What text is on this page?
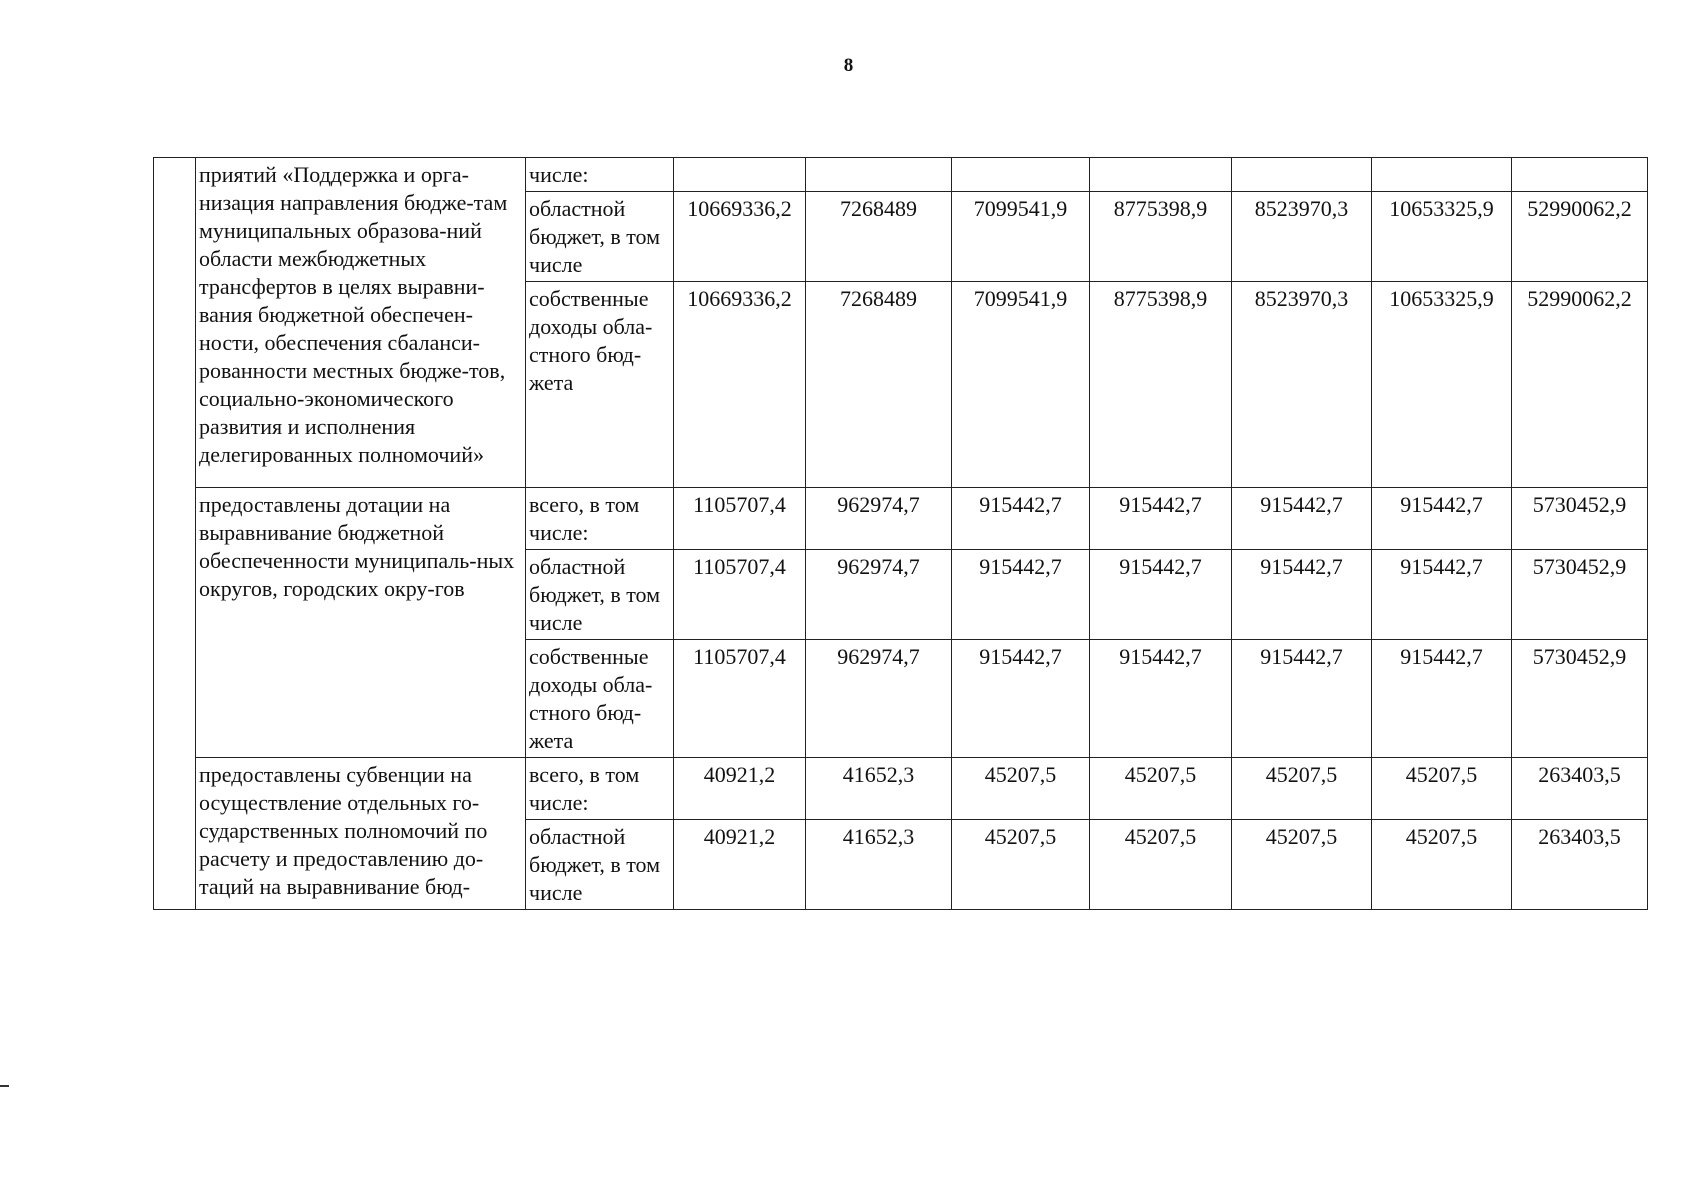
8
	приятий «Поддержка и орга-низация направления бюдже-там муниципальных образова-ний области межбюджетных трансфертов в целях выравни-вания бюджетной обеспечен-ности, обеспечения сбаланси-рованности местных бюдже-тов, социально-экономического развития и исполнения делегированных полномочий»	числе:							
		областной бюджет, в том числе	10669336,2	7268489	7099541,9	8775398,9	8523970,3	10653325,9	52990062,2
		собственные доходы обла-стного бюд-жета	10669336,2	7268489	7099541,9	8775398,9	8523970,3	10653325,9	52990062,2
	предоставлены дотации на выравнивание бюджетной обеспеченности муниципаль-ных округов, городских окру-гов	всего, в том числе:	1105707,4	962974,7	915442,7	915442,7	915442,7	915442,7	5730452,9
		областной бюджет, в том числе	1105707,4	962974,7	915442,7	915442,7	915442,7	915442,7	5730452,9
		собственные доходы обла-стного бюд-жета	1105707,4	962974,7	915442,7	915442,7	915442,7	915442,7	5730452,9
	предоставлены субвенции на осуществление отдельных го-сударственных полномочий по расчету и предоставлению до-таций на выравнивание бюд-	всего, в том числе:	40921,2	41652,3	45207,5	45207,5	45207,5	45207,5	263403,5
		областной бюджет, в том числе	40921,2	41652,3	45207,5	45207,5	45207,5	45207,5	263403,5
